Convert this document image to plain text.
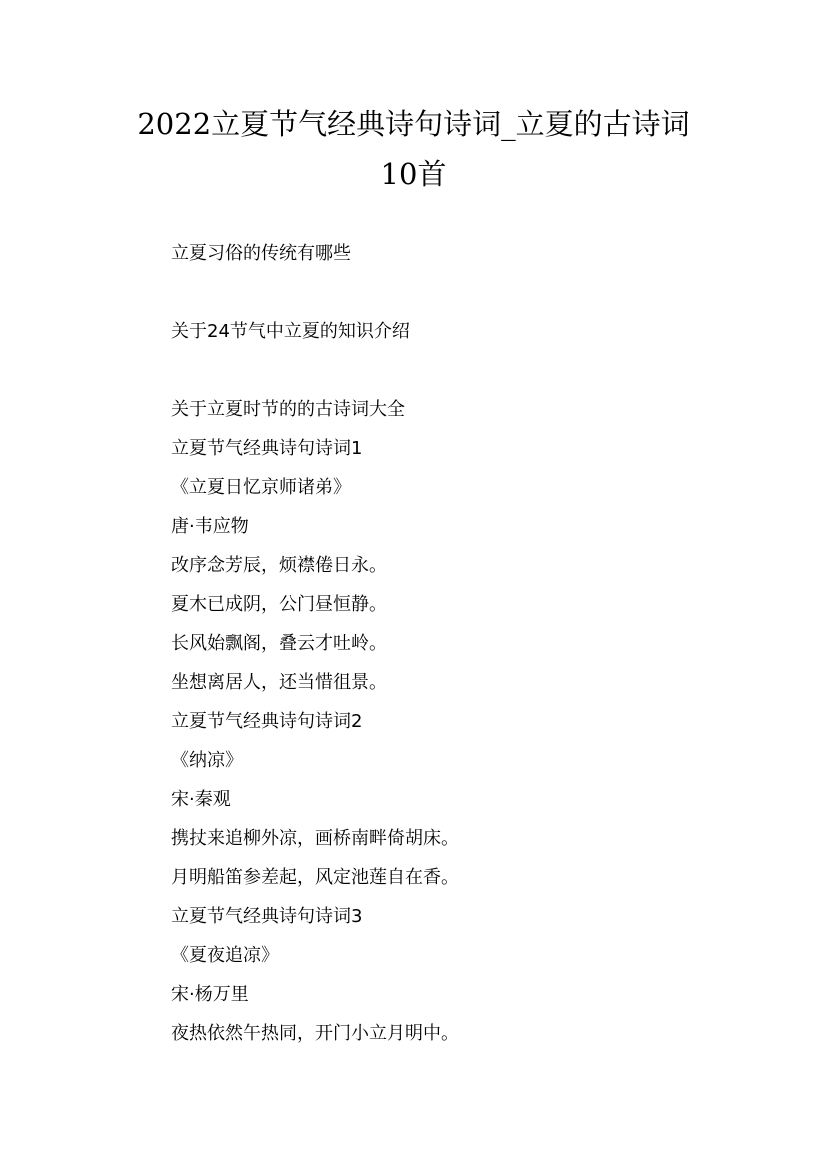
2022立夏节气经典诗句诗词_立夏的古诗词
10首
立夏习俗的传统有哪些
关于24节气中立夏的知识介绍
关于立夏时节的的古诗词大全
立夏节气经典诗句诗词1
《立夏日忆京师诸弟》
唐·韦应物
改序念芳辰，烦襟倦日永。
夏木已成阴，公门昼恒静。
长风始飘阁，叠云才吐岭。
坐想离居人，还当惜徂景。
立夏节气经典诗句诗词2
《纳凉》
宋·秦观
携扙来追柳外凉，画桥南畔倚胡床。
月明船笛参差起，风定池莲自在香。
立夏节气经典诗句诗词3
《夏夜追凉》
宋·杨万里
夜热依然午热同，开门小立月明中。
